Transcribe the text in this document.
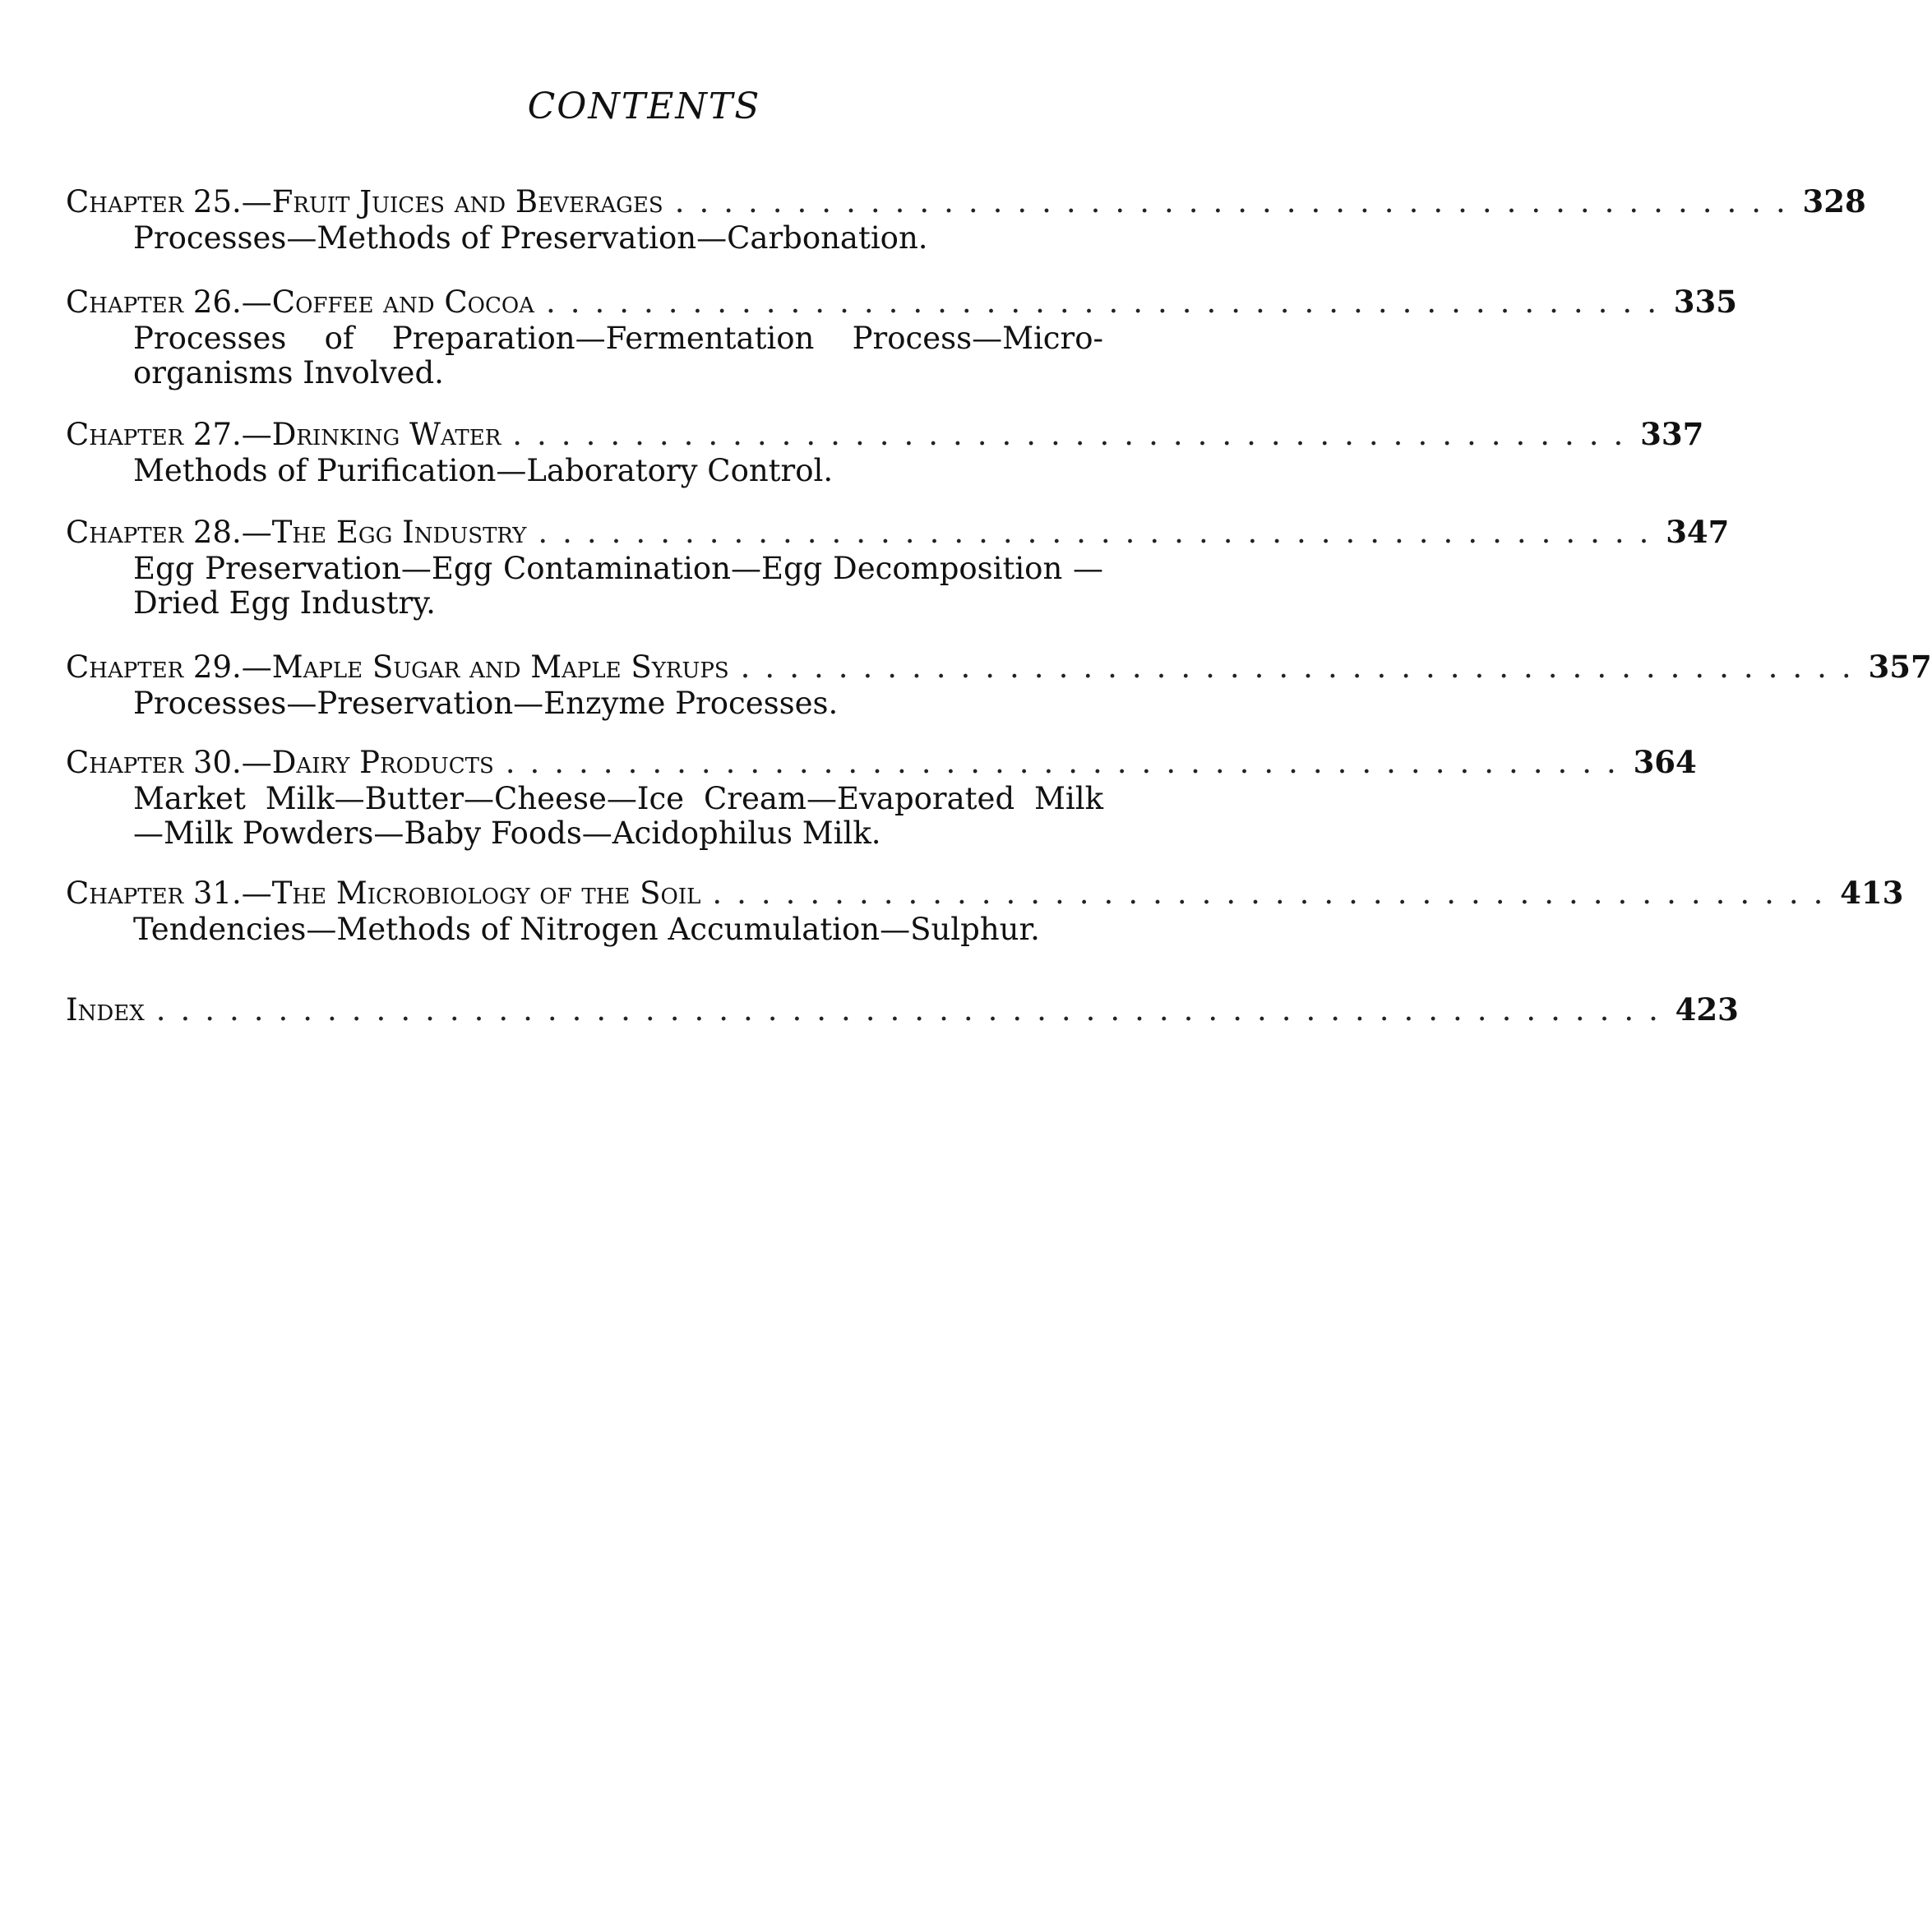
CONTENTS
Chapter 25.—Fruit Juices and Beverages .............................................. 328
Processes—Methods of Preservation—Carbonation.
Chapter 26.—Coffee and Cocoa .............................................. 335
Processes of Preparation—Fermentation Process—Micro-organisms Involved.
Chapter 27.—Drinking Water .............................................. 337
Methods of Purification—Laboratory Control.
Chapter 28.—The Egg Industry .............................................. 347
Egg Preservation—Egg Contamination—Egg Decomposition —Dried Egg Industry.
Chapter 29.—Maple Sugar and Maple Syrups .............................................. 357
Processes—Preservation—Enzyme Processes.
Chapter 30.—Dairy Products .............................................. 364
Market Milk—Butter—Cheese—Ice Cream—Evaporated Milk—Milk Powders—Baby Foods—Acidophilus Milk.
Chapter 31.—The Microbiology of the Soil .............................................. 413
Tendencies—Methods of Nitrogen Accumulation—Sulphur.
Index .............................................................. 423
